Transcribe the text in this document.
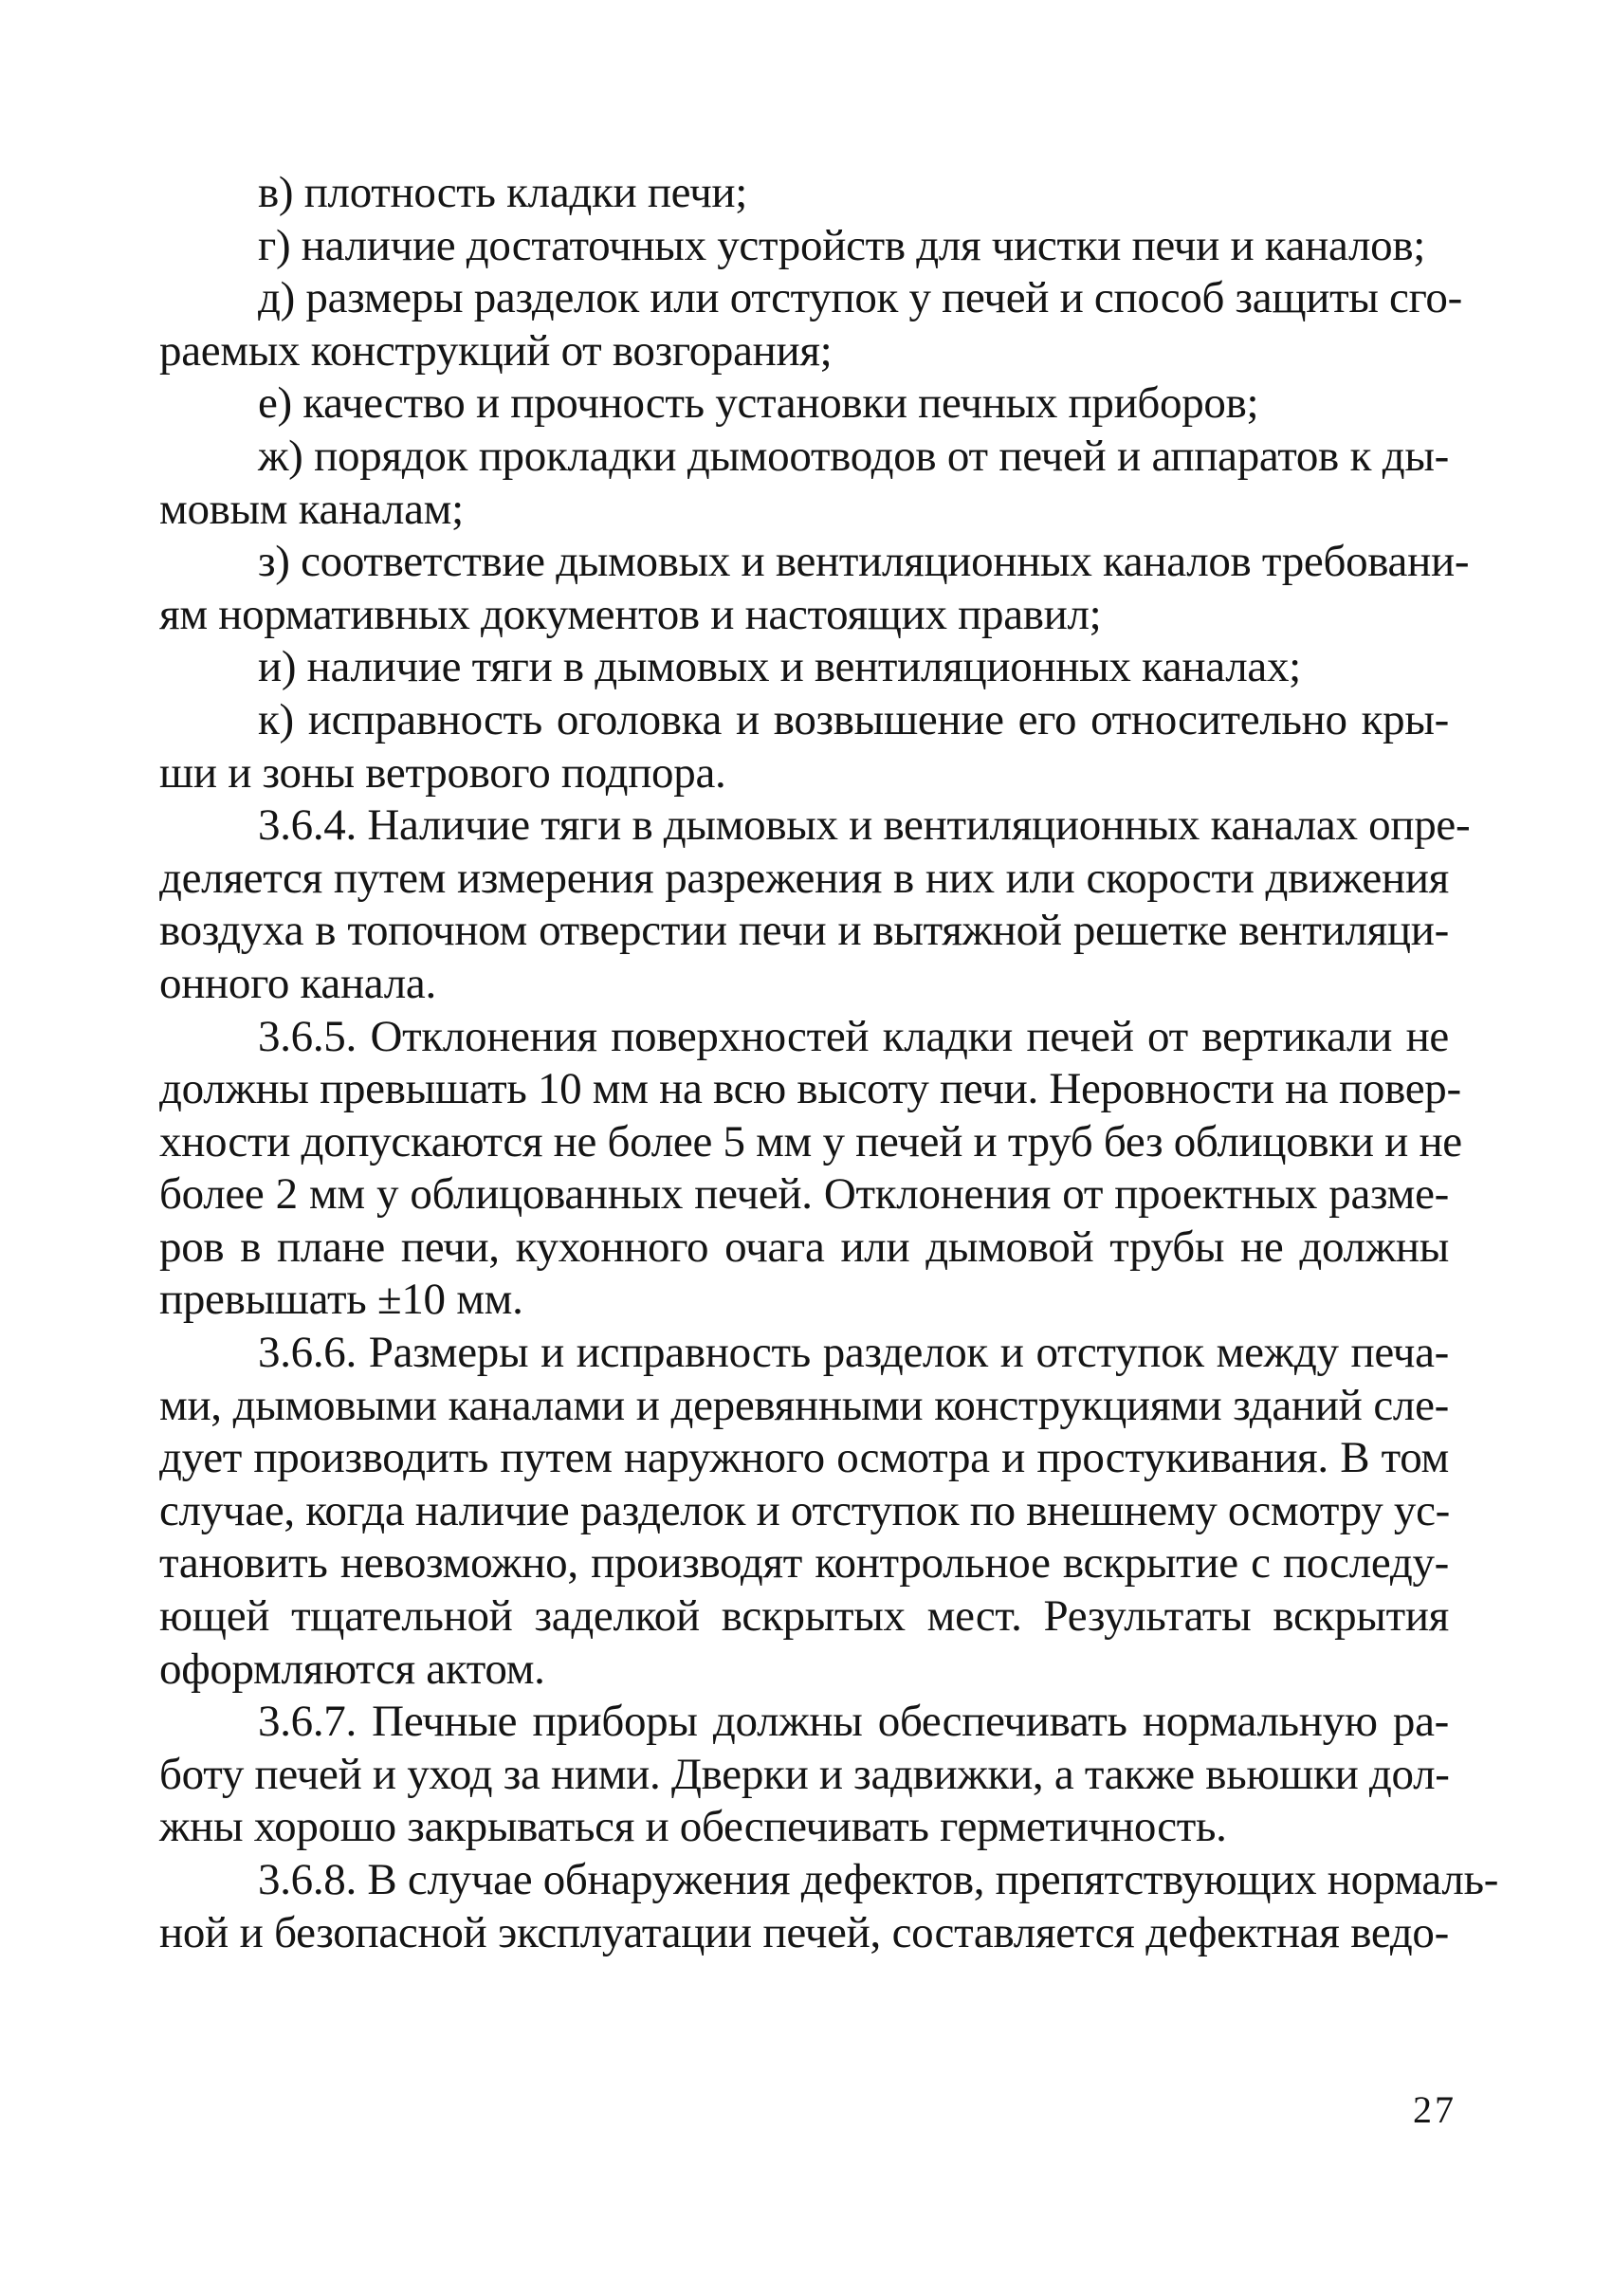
в) плотность кладки печи;
г) наличие достаточных устройств для чистки печи и каналов;
д) размеры разделок или отступок у печей и способ защиты сго-
раемых конструкций от возгорания;
е) качество и прочность установки печных приборов;
ж) порядок прокладки дымоотводов от печей и аппаратов к ды-
мовым каналам;
з) соответствие дымовых и вентиляционных каналов требовани-
ям нормативных документов и настоящих правил;
и) наличие тяги в дымовых и вентиляционных каналах;
к) исправность оголовка и возвышение его относительно кры-
ши и зоны ветрового подпора.
3.6.4. Наличие тяги в дымовых и вентиляционных каналах опре-
деляется путем измерения разрежения в них или скорости движения
воздуха в топочном отверстии печи и вытяжной решетке вентиляци-
онного канала.
3.6.5. Отклонения поверхностей кладки печей от вертикали не
должны превышать 10 мм на всю высоту печи. Неровности на повер-
хности допускаются не более 5 мм у печей и труб без облицовки и не
более 2 мм у облицованных печей. Отклонения от проектных разме-
ров в плане печи, кухонного очага или дымовой трубы не должны
превышать ±10 мм.
3.6.6. Размеры и исправность разделок и отступок между печа-
ми, дымовыми каналами и деревянными конструкциями зданий сле-
дует производить путем наружного осмотра и простукивания. В том
случае, когда наличие разделок и отступок по внешнему осмотру ус-
тановить невозможно, производят контрольное вскрытие с последу-
ющей тщательной заделкой вскрытых мест. Результаты вскрытия
оформляются актом.
3.6.7. Печные приборы должны обеспечивать нормальную ра-
боту печей и уход за ними. Дверки и задвижки, а также вьюшки дол-
жны хорошо закрываться и обеспечивать герметичность.
3.6.8. В случае обнаружения дефектов, препятствующих нормаль-
ной и безопасной эксплуатации печей, составляется дефектная ведо-
27
